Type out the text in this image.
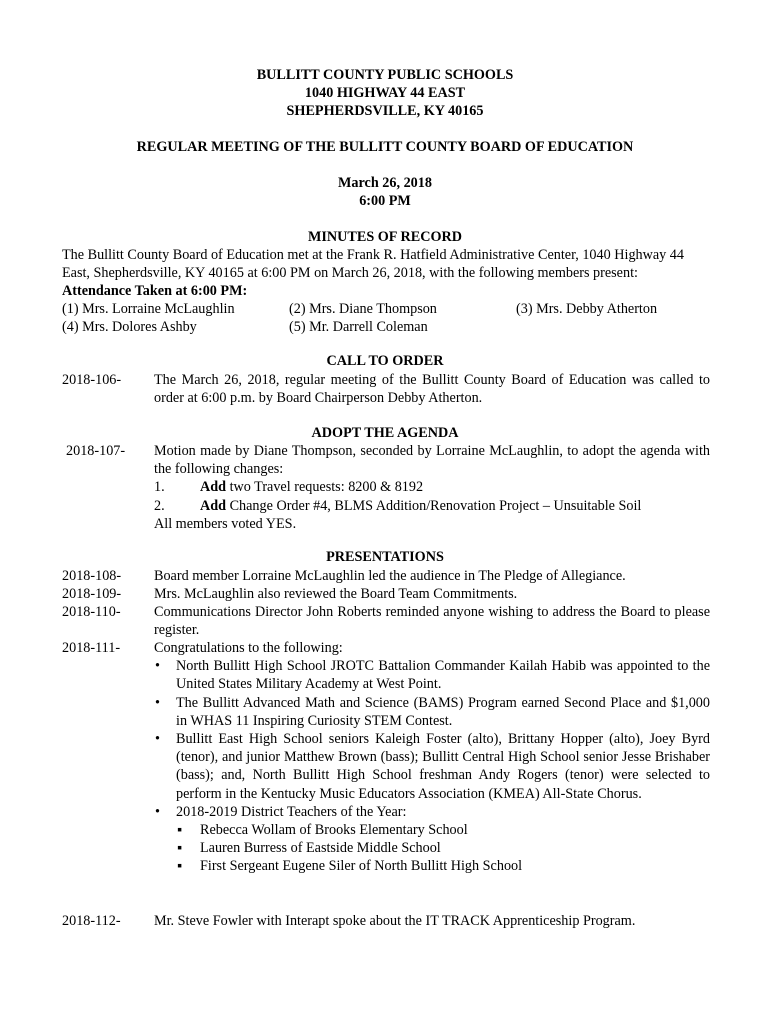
BULLITT COUNTY PUBLIC SCHOOLS
1040 HIGHWAY 44 EAST
SHEPHERDSVILLE, KY 40165
REGULAR MEETING OF THE BULLITT COUNTY BOARD OF EDUCATION
March 26, 2018
6:00 PM
MINUTES OF RECORD
The Bullitt County Board of Education met at the Frank R. Hatfield Administrative Center, 1040 Highway 44 East, Shepherdsville, KY 40165 at 6:00 PM on March 26, 2018, with the following members present:
Attendance Taken at 6:00 PM:
(1) Mrs. Lorraine McLaughlin	(2) Mrs. Diane Thompson	(3) Mrs. Debby Atherton
(4) Mrs. Dolores Ashby	(5) Mr. Darrell Coleman
CALL TO ORDER
2018-106- The March 26, 2018, regular meeting of the Bullitt County Board of Education was called to order at 6:00 p.m. by Board Chairperson Debby Atherton.
ADOPT THE AGENDA
2018-107- Motion made by Diane Thompson, seconded by Lorraine McLaughlin, to adopt the agenda with the following changes:

1. Add two Travel requests: 8200 & 8192
2. Add Change Order #4, BLMS Addition/Renovation Project – Unsuitable Soil

All members voted YES.

PRESENTATIONS
2018-108- Board member Lorraine McLaughlin led the audience in The Pledge of Allegiance.
2018-109- Mrs. McLaughlin also reviewed the Board Team Commitments.
2018-110- Communications Director John Roberts reminded anyone wishing to address the Board to please register.
2018-111- Congratulations to the following:

• North Bullitt High School JROTC Battalion Commander Kailah Habib was appointed to the United States Military Academy at West Point.
• The Bullitt Advanced Math and Science (BAMS) Program earned Second Place and $1,000 in WHAS 11 Inspiring Curiosity STEM Contest.
• Bullitt East High School seniors Kaleigh Foster (alto), Brittany Hopper (alto), Joey Byrd (tenor), and junior Matthew Brown (bass); Bullitt Central High School senior Jesse Brishaber (bass); and, North Bullitt High School freshman Andy Rogers (tenor) were selected to perform in the Kentucky Music Educators Association (KMEA) All-State Chorus.
• 2018-2019 District Teachers of the Year:
▪ Rebecca Wollam of Brooks Elementary School
▪ Lauren Burress of Eastside Middle School
▪ First Sergeant Eugene Siler of North Bullitt High School
2018-112- Mr. Steve Fowler with Interapt spoke about the IT TRACK Apprenticeship Program.
